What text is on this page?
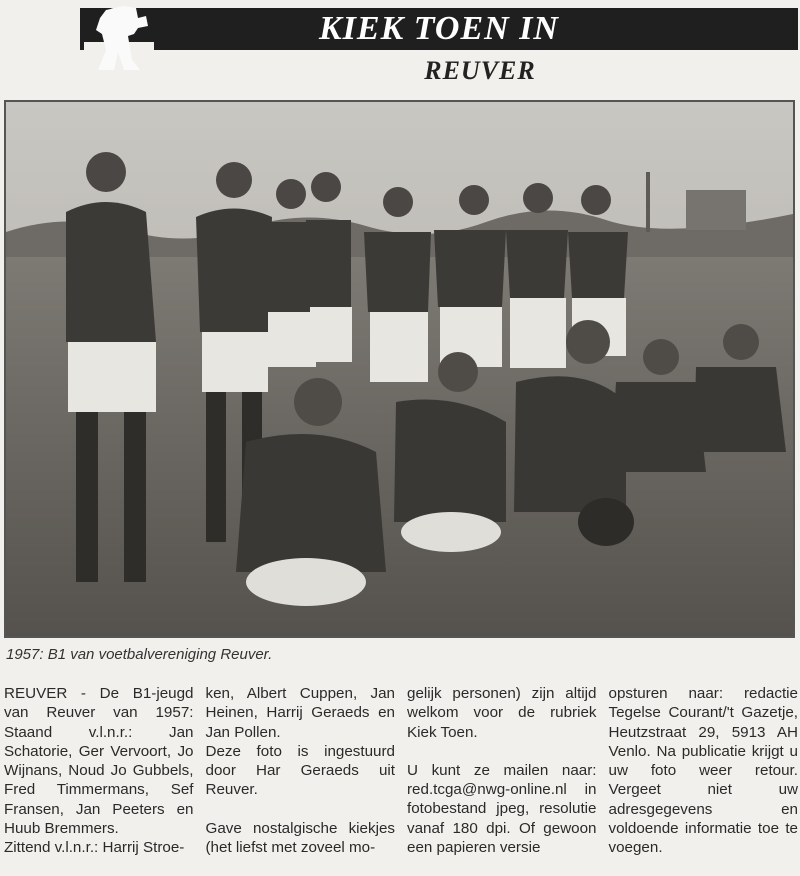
KIEK TOEN IN
REUVER
1957: B1 van voetbalvereniging Reuver.

REUVER - De B1-jeugd van Reuver van 1957: Staand v.l.n.r.: Jan Schatorie, Ger Vervoort, Jo Wijnans, Noud Jo Gubbels, Fred Timmermans, Sef Fransen, Jan Peeters en Huub Bremmers.

Zittend v.l.n.r.: Harrij Stroe-

ken, Albert Cuppen, Jan Heinen, Harrij Geraeds en Jan Pollen.

Deze foto is ingestuurd door Har Geraeds uit Reuver.

Gave nostalgische kiekjes (het liefst met zoveel mo-

gelijk personen) zijn altijd welkom voor de rubriek Kiek Toen.

U kunt ze mailen naar: red.tcga@nwg-online.nl in fotobestand jpeg, resolutie vanaf 180 dpi. Of gewoon een papieren versie

opsturen naar: redactie Tegelse Courant/'t Gazetje, Heutzstraat 29, 5913 AH Venlo. Na publicatie krijgt u uw foto weer retour. Vergeet niet uw adresgegevens en voldoende informatie toe te voegen.
